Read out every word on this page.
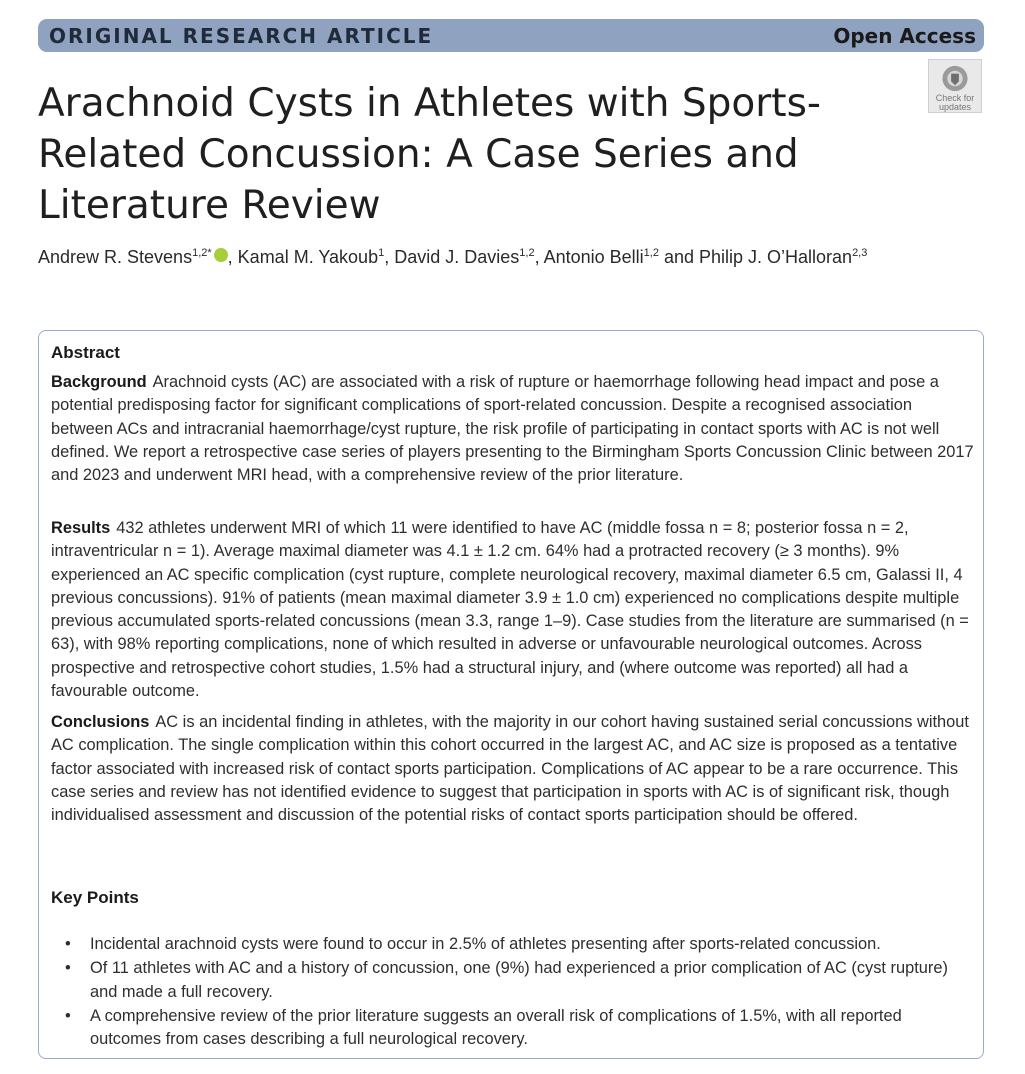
ORIGINAL RESEARCH ARTICLE	Open Access
Check for updates
Arachnoid Cysts in Athletes with Sports-Related Concussion: A Case Series and Literature Review
Andrew R. Stevens$^{1,2*}$ , Kamal M. Yakoub$^1$, David J. Davies$^{1,2}$, Antonio Belli$^{1,2}$ and Philip J. O’Halloran$^{2,3}$
Abstract

Background Arachnoid cysts (AC) are associated with a risk of rupture or haemorrhage following head impact and pose a potential predisposing factor for significant complications of sport-related concussion. Despite a recognised association between ACs and intracranial haemorrhage/cyst rupture, the risk profile of participating in contact sports with AC is not well defined. We report a retrospective case series of players presenting to the Birmingham Sports Concussion Clinic between 2017 and 2023 and underwent MRI head, with a comprehensive review of the prior literature.

Results 432 athletes underwent MRI of which 11 were identified to have AC (middle fossa n = 8; posterior fossa n = 2, intraventricular n = 1). Average maximal diameter was 4.1 ± 1.2 cm. 64% had a protracted recovery (≥ 3 months). 9% experienced an AC specific complication (cyst rupture, complete neurological recovery, maximal diameter 6.5 cm, Galassi II, 4 previous concussions). 91% of patients (mean maximal diameter 3.9 ± 1.0 cm) experienced no complications despite multiple previous accumulated sports-related concussions (mean 3.3, range 1–9). Case studies from the literature are summarised (n = 63), with 98% reporting complications, none of which resulted in adverse or unfavourable neurological outcomes. Across prospective and retrospective cohort studies, 1.5% had a structural injury, and (where outcome was reported) all had a favourable outcome.

Conclusions AC is an incidental finding in athletes, with the majority in our cohort having sustained serial concussions without AC complication. The single complication within this cohort occurred in the largest AC, and AC size is proposed as a tentative factor associated with increased risk of contact sports participation. Complications of AC appear to be a rare occurrence. This case series and review has not identified evidence to suggest that participation in sports with AC is of significant risk, though individualised assessment and discussion of the potential risks of contact sports participation should be offered.

Key Points
• Incidental arachnoid cysts were found to occur in 2.5% of athletes presenting after sports-related concussion.
• Of 11 athletes with AC and a history of concussion, one (9%) had experienced a prior complication of AC (cyst rupture) and made a full recovery.
• A comprehensive review of the prior literature suggests an overall risk of complications of 1.5%, with all reported outcomes from cases describing a full neurological recovery.
